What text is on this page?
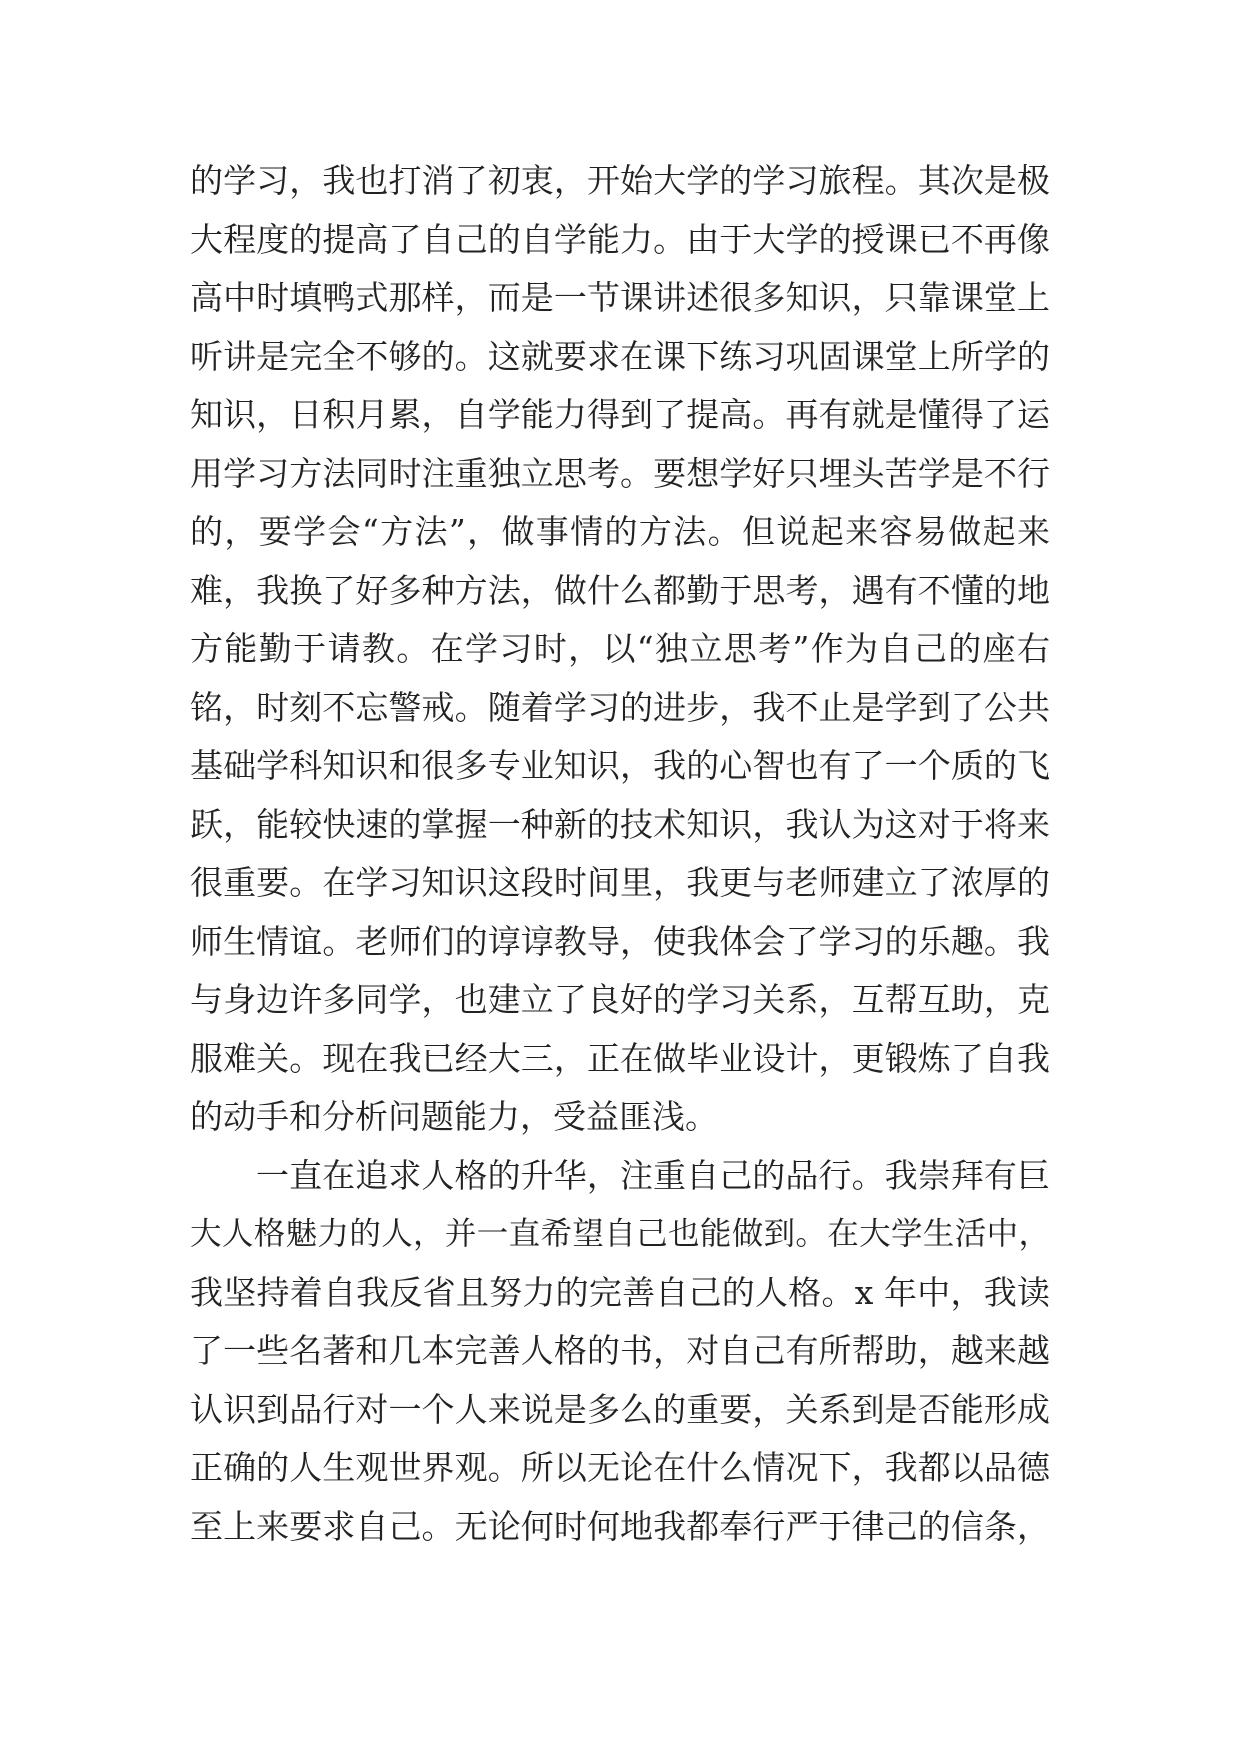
的学习，我也打消了初衷，开始大学的学习旅程。其次是极
大程度的提高了自己的自学能力。由于大学的授课已不再像
高中时填鸭式那样，而是一节课讲述很多知识，只靠课堂上
听讲是完全不够的。这就要求在课下练习巩固课堂上所学的
知识，日积月累，自学能力得到了提高。再有就是懂得了运
用学习方法同时注重独立思考。要想学好只埋头苦学是不行
的，要学会“方法”，做事情的方法。但说起来容易做起来
难，我换了好多种方法，做什么都勤于思考，遇有不懂的地
方能勤于请教。在学习时，以“独立思考”作为自己的座右
铭，时刻不忘警戒。随着学习的进步，我不止是学到了公共
基础学科知识和很多专业知识，我的心智也有了一个质的飞
跃，能较快速的掌握一种新的技术知识，我认为这对于将来
很重要。在学习知识这段时间里，我更与老师建立了浓厚的
师生情谊。老师们的谆谆教导，使我体会了学习的乐趣。我
与身边许多同学，也建立了良好的学习关系，互帮互助，克
服难关。现在我已经大三，正在做毕业设计，更锻炼了自我
的动手和分析问题能力，受益匪浅。
一直在追求人格的升华，注重自己的品行。我崇拜有巨
大人格魅力的人，并一直希望自己也能做到。在大学生活中，
我坚持着自我反省且努力的完善自己的人格。x 年中，我读
了一些名著和几本完善人格的书，对自己有所帮助，越来越
认识到品行对一个人来说是多么的重要，关系到是否能形成
正确的人生观世界观。所以无论在什么情况下，我都以品德
至上来要求自己。无论何时何地我都奉行严于律己的信条，
